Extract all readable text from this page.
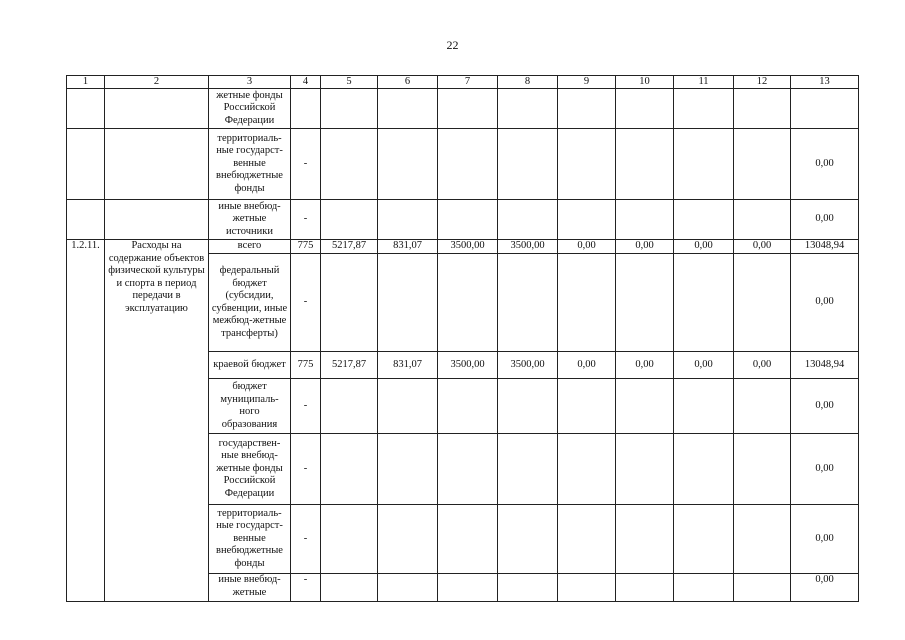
22
1	2	3	4	5	6	7	8	9	10	11	12	13
		жетные фонды Российской Федерации										
		территориаль-ные государст-венные внебюджетные фонды	-									0,00
		иные внебюд-жетные источники	-									0,00
1.2.11.	Расходы на содержание объектов физической культуры и спорта в период передачи в эксплуатацию	всего	775	5217,87	831,07	3500,00	3500,00	0,00	0,00	0,00	0,00	13048,94
		федеральный бюджет (субсидии, субвенции, иные межбюд-жетные трансферты)	-									0,00
		краевой бюджет	775	5217,87	831,07	3500,00	3500,00	0,00	0,00	0,00	0,00	13048,94
		бюджет муниципаль-ного образования	-									0,00
		государствен-ные внебюд-жетные фонды Российской Федерации	-									0,00
		территориаль-ные государст-венные внебюджетные фонды	-									0,00
		иные внебюд-жетные	-									0,00
